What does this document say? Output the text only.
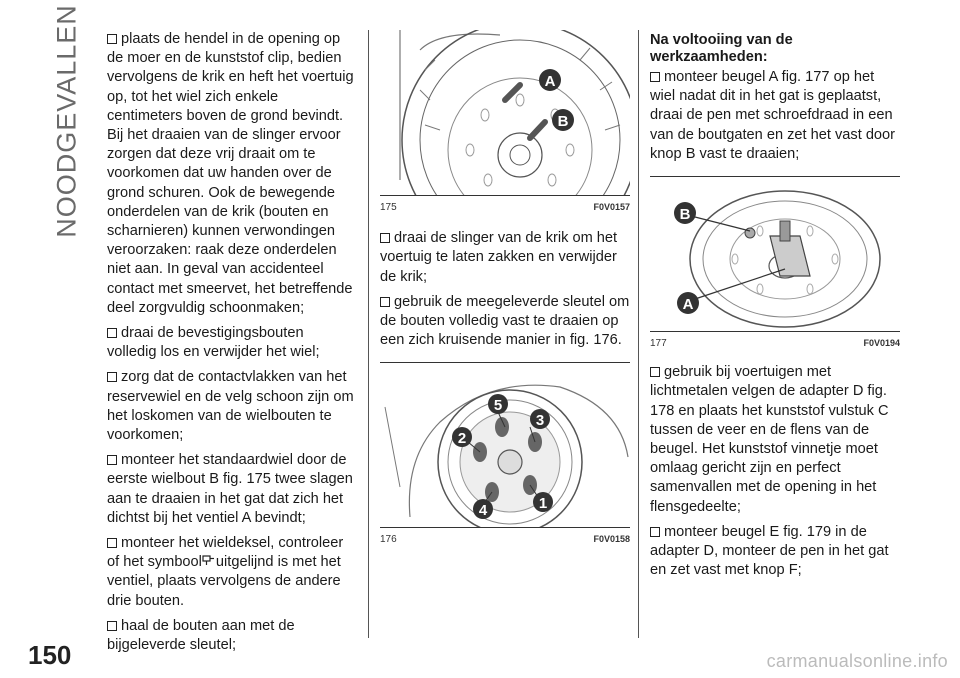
NOODGEVALLEN	plaats de hendel in de opening op de moer en de kunststof clip, bedien vervolgens de krik en heft het voertuig op, tot het wiel zich enkele centimeters boven de grond bevindt. Bij het draaien van de slinger ervoor zorgen dat deze vrij draait om te voorkomen dat uw handen over de grond schuren. Ook de bewegende onderdelen van de krik (bouten en scharnieren) kunnen verwondingen veroorzaken: raak deze onderdelen niet aan. In geval van accidenteel contact met smeervet, het betreffende deel zorgvuldig schoonmaken;

draai de bevestigingsbouten volledig los en verwijder het wiel;

zorg dat de contactvlakken van het reservewiel en de velg schoon zijn om het loskomen van de wielbouten te voorkomen;

monteer het standaardwiel door de eerste wielbout B fig. 175 twee slagen aan te draaien in het gat dat zich het dichtst bij het ventiel A bevindt;

monteer het wieldeksel, controleer of het symbool uitgelijnd is met het ventiel, plaats vervolgens de andere drie bouten.

haal de bouten aan met de bijgeleverde sleutel;

A
B
175	F0V0157

draai de slinger van de krik om het voertuig te laten zakken en verwijder de krik;

gebruik de meegeleverde sleutel om de bouten volledig vast te draaien op een zich kruisende manier in fig. 176.

5
3
2
4	1
176	F0V0158
Na voltooiing van de werkzaamheden:

monteer beugel A fig. 177 op het wiel nadat dit in het gat is geplaatst, draai de pen met schroefdraad in een van de boutgaten en zet het vast door knop B vast te draaien;

B
A
177	F0V0194

gebruik bij voertuigen met lichtmetalen velgen de adapter D fig. 178 en plaats het kunststof vulstuk C tussen de veer en de flens van de beugel. Het kunststof vinnetje moet omlaag gericht zijn en perfect samenvallen met de opening in het flensgedeelte;

monteer beugel E fig. 179 in de adapter D, monteer de pen in het gat en zet vast met knop F;

150	carmanualsonline.info
